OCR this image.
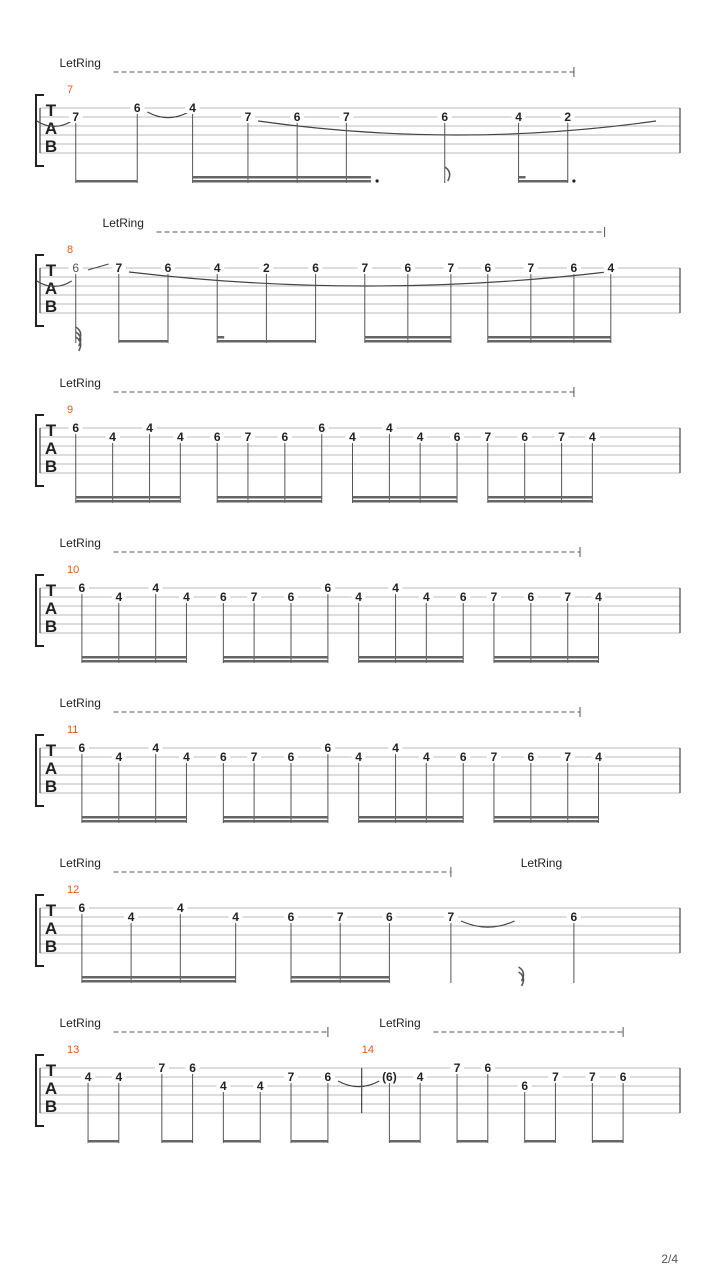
T
A
B
7
LetRing
7
6	4
7	6	7	6	4	2
T
A
B
8
LetRing
6	7	6	4	2	6	7	6	7	6	7	6	4
T
A
B
9
LetRing
6
4
4
4	6 7	6
6
4
4
4	6 7	6	7 4
T
A
B
10
LetRing
6
4
4
4	6 7	6
6
4
4
4	6 7	6	7 4
T
A
B
11
LetRing
6
4
4
4	6 7	6
6
4
4
4	6 7	6	7 4
T
A
B
12
LetRing	LetRing
6
4
4
4	6	7	6	7	6
T
A
B
13	14
LetRing	LetRing
4 4
7 6
4	4
7	6	(6) 4
7 6
6
7	7 6
2/4
